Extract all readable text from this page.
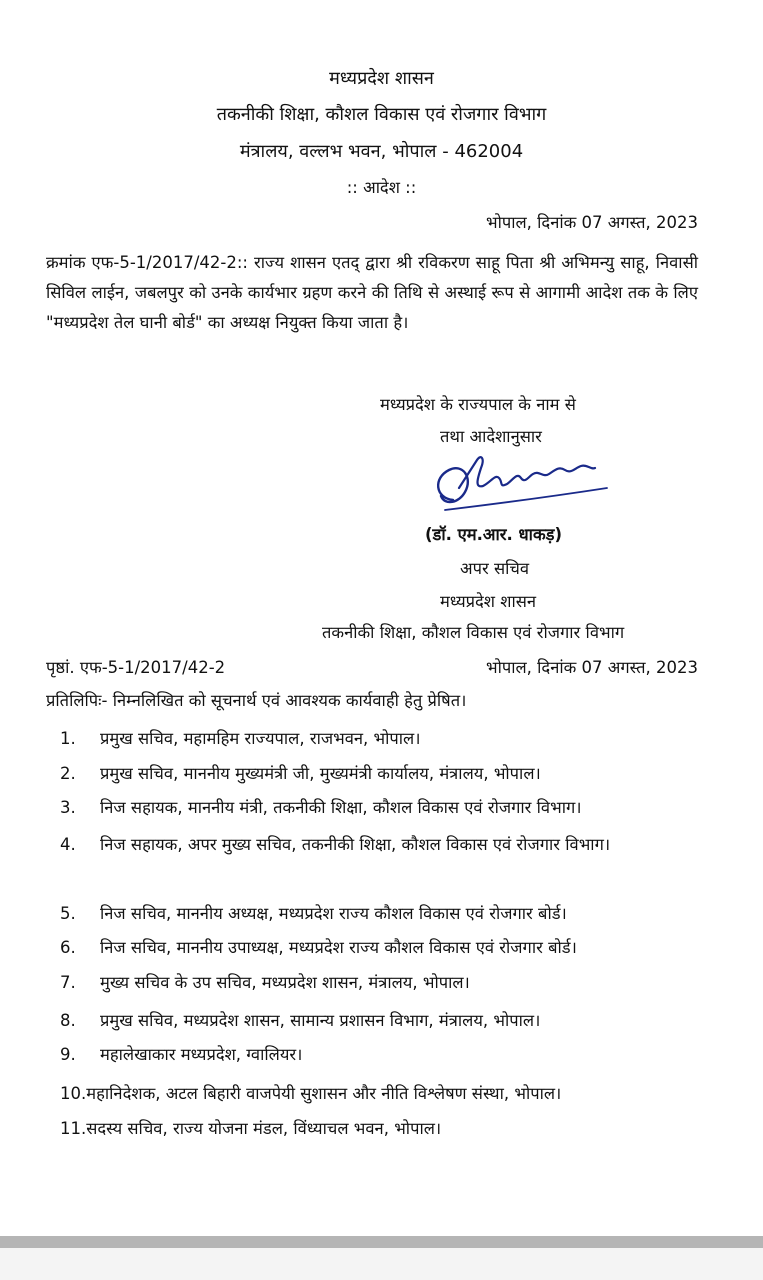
मध्यप्रदेश शासन
तकनीकी शिक्षा, कौशल विकास एवं रोजगार विभाग
मंत्रालय, वल्लभ भवन, भोपाल - 462004
:: आदेश ::
भोपाल, दिनांक 07 अगस्त, 2023
क्रमांक एफ-5-1/2017/42-2:: राज्य शासन एतद् द्वारा श्री रविकरण साहू पिता श्री अभिमन्यु साहू, निवासी सिविल लाईन, जबलपुर को उनके कार्यभार ग्रहण करने की तिथि से अस्थाई रूप से आगामी आदेश तक के लिए "मध्यप्रदेश तेल घानी बोर्ड" का अध्यक्ष नियुक्त किया जाता है।
मध्यप्रदेश के राज्यपाल के नाम से
तथा आदेशानुसार
(डॉ. एम.आर. धाकड़)
अपर सचिव
मध्यप्रदेश शासन
तकनीकी शिक्षा, कौशल विकास एवं रोजगार विभाग
पृष्ठां. एफ-5-1/2017/42-2	भोपाल, दिनांक 07 अगस्त, 2023
प्रतिलिपिः- निम्नलिखित को सूचनार्थ एवं आवश्यक कार्यवाही हेतु प्रेषित।
1. प्रमुख सचिव, महामहिम राज्यपाल, राजभवन, भोपाल।
2. प्रमुख सचिव, माननीय मुख्यमंत्री जी, मुख्यमंत्री कार्यालय, मंत्रालय, भोपाल।
3. निज सहायक, माननीय मंत्री, तकनीकी शिक्षा, कौशल विकास एवं रोजगार विभाग।
4. निज सहायक, अपर मुख्य सचिव, तकनीकी शिक्षा, कौशल विकास एवं रोजगार विभाग।
5. निज सचिव, माननीय अध्यक्ष, मध्यप्रदेश राज्य कौशल विकास एवं रोजगार बोर्ड।
6. निज सचिव, माननीय उपाध्यक्ष, मध्यप्रदेश राज्य कौशल विकास एवं रोजगार बोर्ड।
7. मुख्य सचिव के उप सचिव, मध्यप्रदेश शासन, मंत्रालय, भोपाल।
8. प्रमुख सचिव, मध्यप्रदेश शासन, सामान्य प्रशासन विभाग, मंत्रालय, भोपाल।
9. महालेखाकार मध्यप्रदेश, ग्वालियर।
10.महानिदेशक, अटल बिहारी वाजपेयी सुशासन और नीति विश्लेषण संस्था, भोपाल।
11.सदस्य सचिव, राज्य योजना मंडल, विंध्याचल भवन, भोपाल।
